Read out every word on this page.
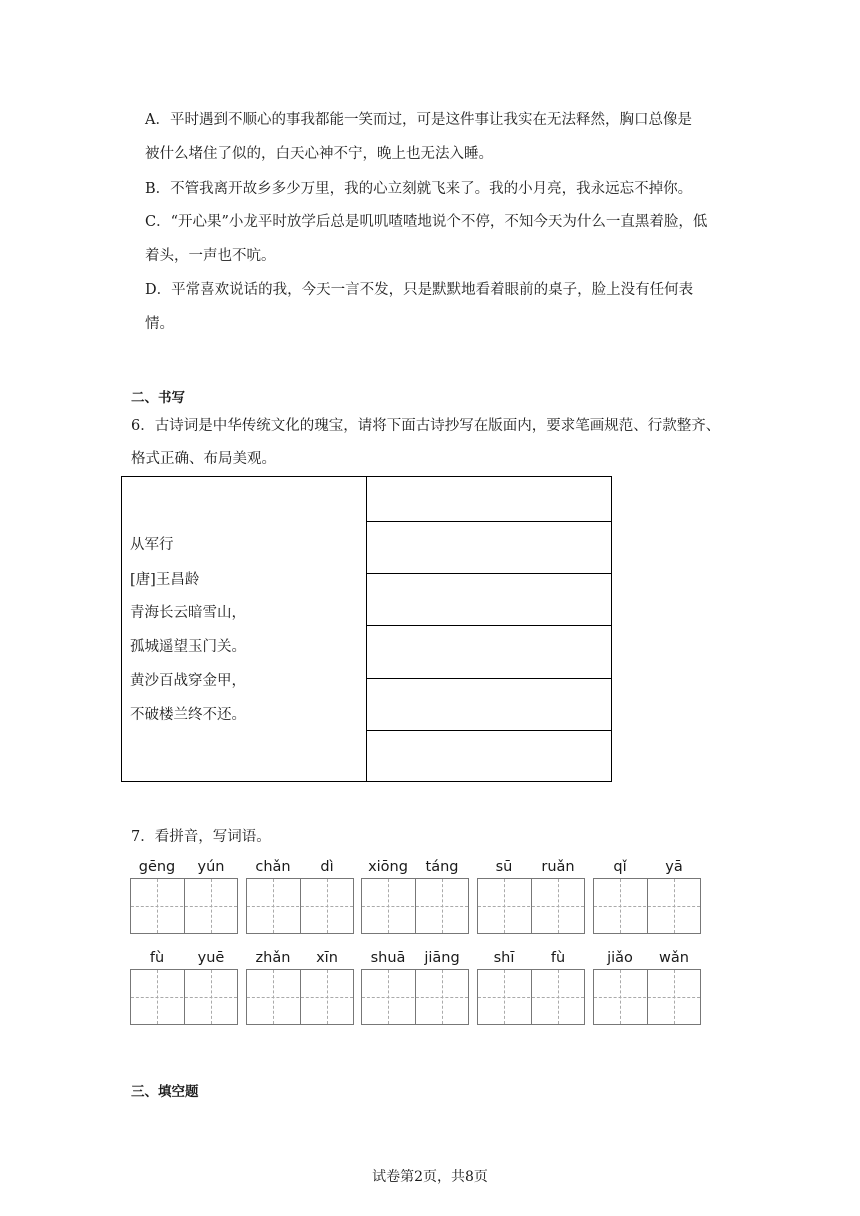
A．平时遇到不顺心的事我都能一笑而过，可是这件事让我实在无法释然，胸口总像是
被什么堵住了似的，白天心神不宁，晚上也无法入睡。
B．不管我离开故乡多少万里，我的心立刻就飞来了。我的小月亮，我永远忘不掉你。
C．“开心果”小龙平时放学后总是叽叽喳喳地说个不停，不知今天为什么一直黑着脸，低
着头，一声也不吭。
D．平常喜欢说话的我，今天一言不发，只是默默地看着眼前的桌子，脸上没有任何表
情。
二、书写
6．古诗词是中华传统文化的瑰宝，请将下面古诗抄写在版面内，要求笔画规范、行款整齐、
格式正确、布局美观。
从军行
[唐]王昌龄
青海长云暗雪山，
孤城遥望玉门关。
黄沙百战穿金甲，
不破楼兰终不还。
7．看拼音，写词语。
gēng	yún	chǎn	dì	xiōng	táng	sū	ruǎn	qǐ	yā
fù	yuē	zhǎn	xīn	shuā	jiāng	shī	fù	jiǎo	wǎn
三、填空题
试卷第2页，共8页
